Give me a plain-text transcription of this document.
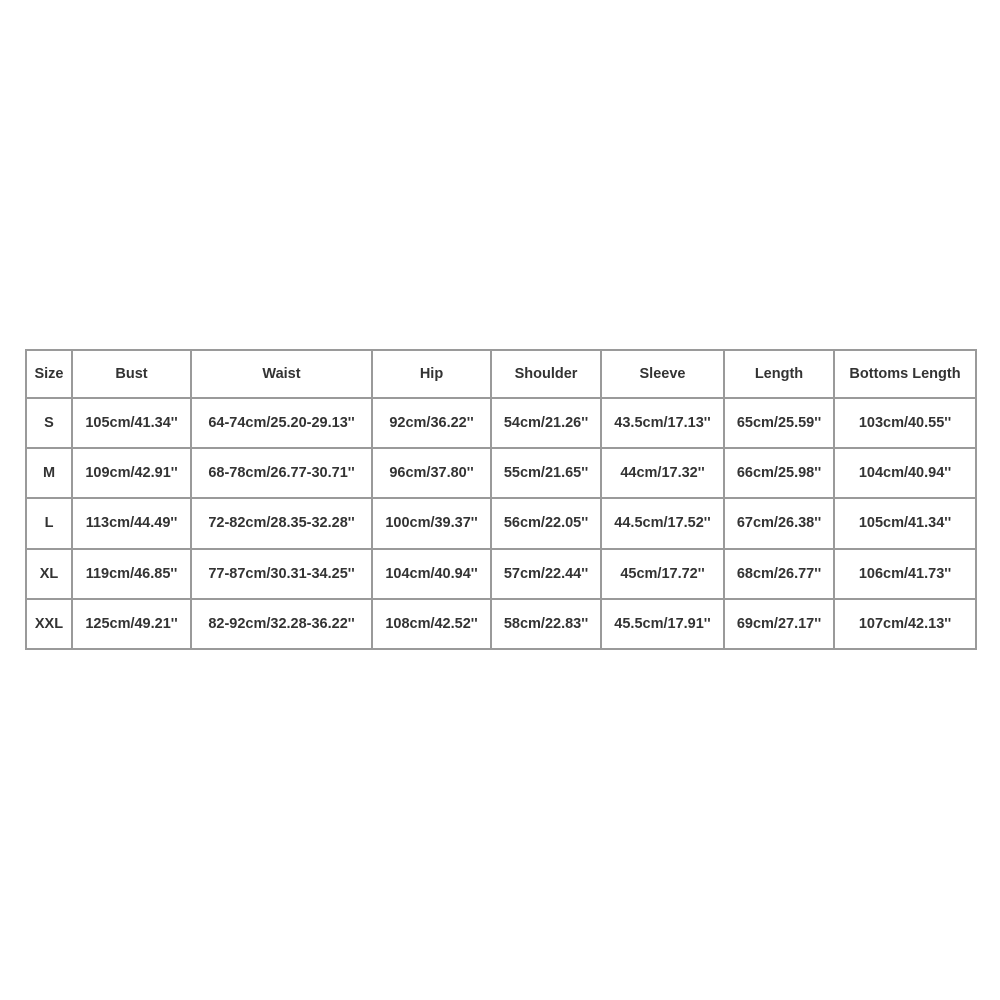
Size	Bust	Waist	Hip	Shoulder	Sleeve	Length	Bottoms Length
S	105cm/41.34''	64-74cm/25.20-29.13''	92cm/36.22''	54cm/21.26''	43.5cm/17.13''	65cm/25.59''	103cm/40.55''
M	109cm/42.91''	68-78cm/26.77-30.71''	96cm/37.80''	55cm/21.65''	44cm/17.32''	66cm/25.98''	104cm/40.94''
L	113cm/44.49''	72-82cm/28.35-32.28''	100cm/39.37''	56cm/22.05''	44.5cm/17.52''	67cm/26.38''	105cm/41.34''
XL	119cm/46.85''	77-87cm/30.31-34.25''	104cm/40.94''	57cm/22.44''	45cm/17.72''	68cm/26.77''	106cm/41.73''
XXL	125cm/49.21''	82-92cm/32.28-36.22''	108cm/42.52''	58cm/22.83''	45.5cm/17.91''	69cm/27.17''	107cm/42.13''
